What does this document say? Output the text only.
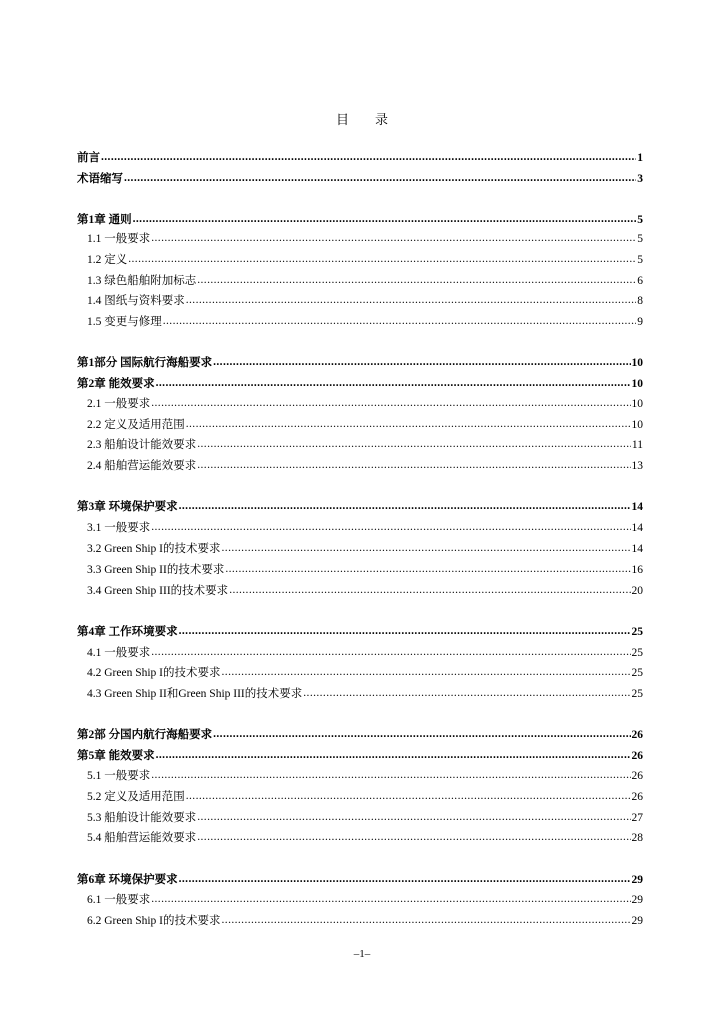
目 录
前言 .....	1
术语缩写 .....	3
第1章 通则 .....	5
1.1 一般要求 .....	5
1.2 定义 .....	5
1.3 绿色船舶附加标志 .....	6
1.4 图纸与资料要求 .....	8
1.5 变更与修理 .....	9
第1部分 国际航行海船要求 .....	10
第2章 能效要求 .....	10
2.1 一般要求 .....	10
2.2 定义及适用范围 .....	10
2.3 船舶设计能效要求 .....	11
2.4 船舶营运能效要求 .....	13
第3章 环境保护要求 .....	14
3.1 一般要求 .....	14
3.2 Green Ship I的技术要求 .....	14
3.3 Green Ship II的技术要求 .....	16
3.4 Green Ship III的技术要求 .....	20
第4章 工作环境要求 .....	25
4.1 一般要求 .....	25
4.2 Green Ship I的技术要求 .....	25
4.3 Green Ship II和Green Ship III的技术要求 .....	25
第2部 分国内航行海船要求 .....	26
第5章 能效要求 .....	26
5.1 一般要求 .....	26
5.2 定义及适用范围 .....	26
5.3 船舶设计能效要求 .....	27
5.4 船舶营运能效要求 .....	28
第6章 环境保护要求 .....	29
6.1 一般要求 .....	29
6.2 Green Ship I的技术要求 .....	29
–1–
